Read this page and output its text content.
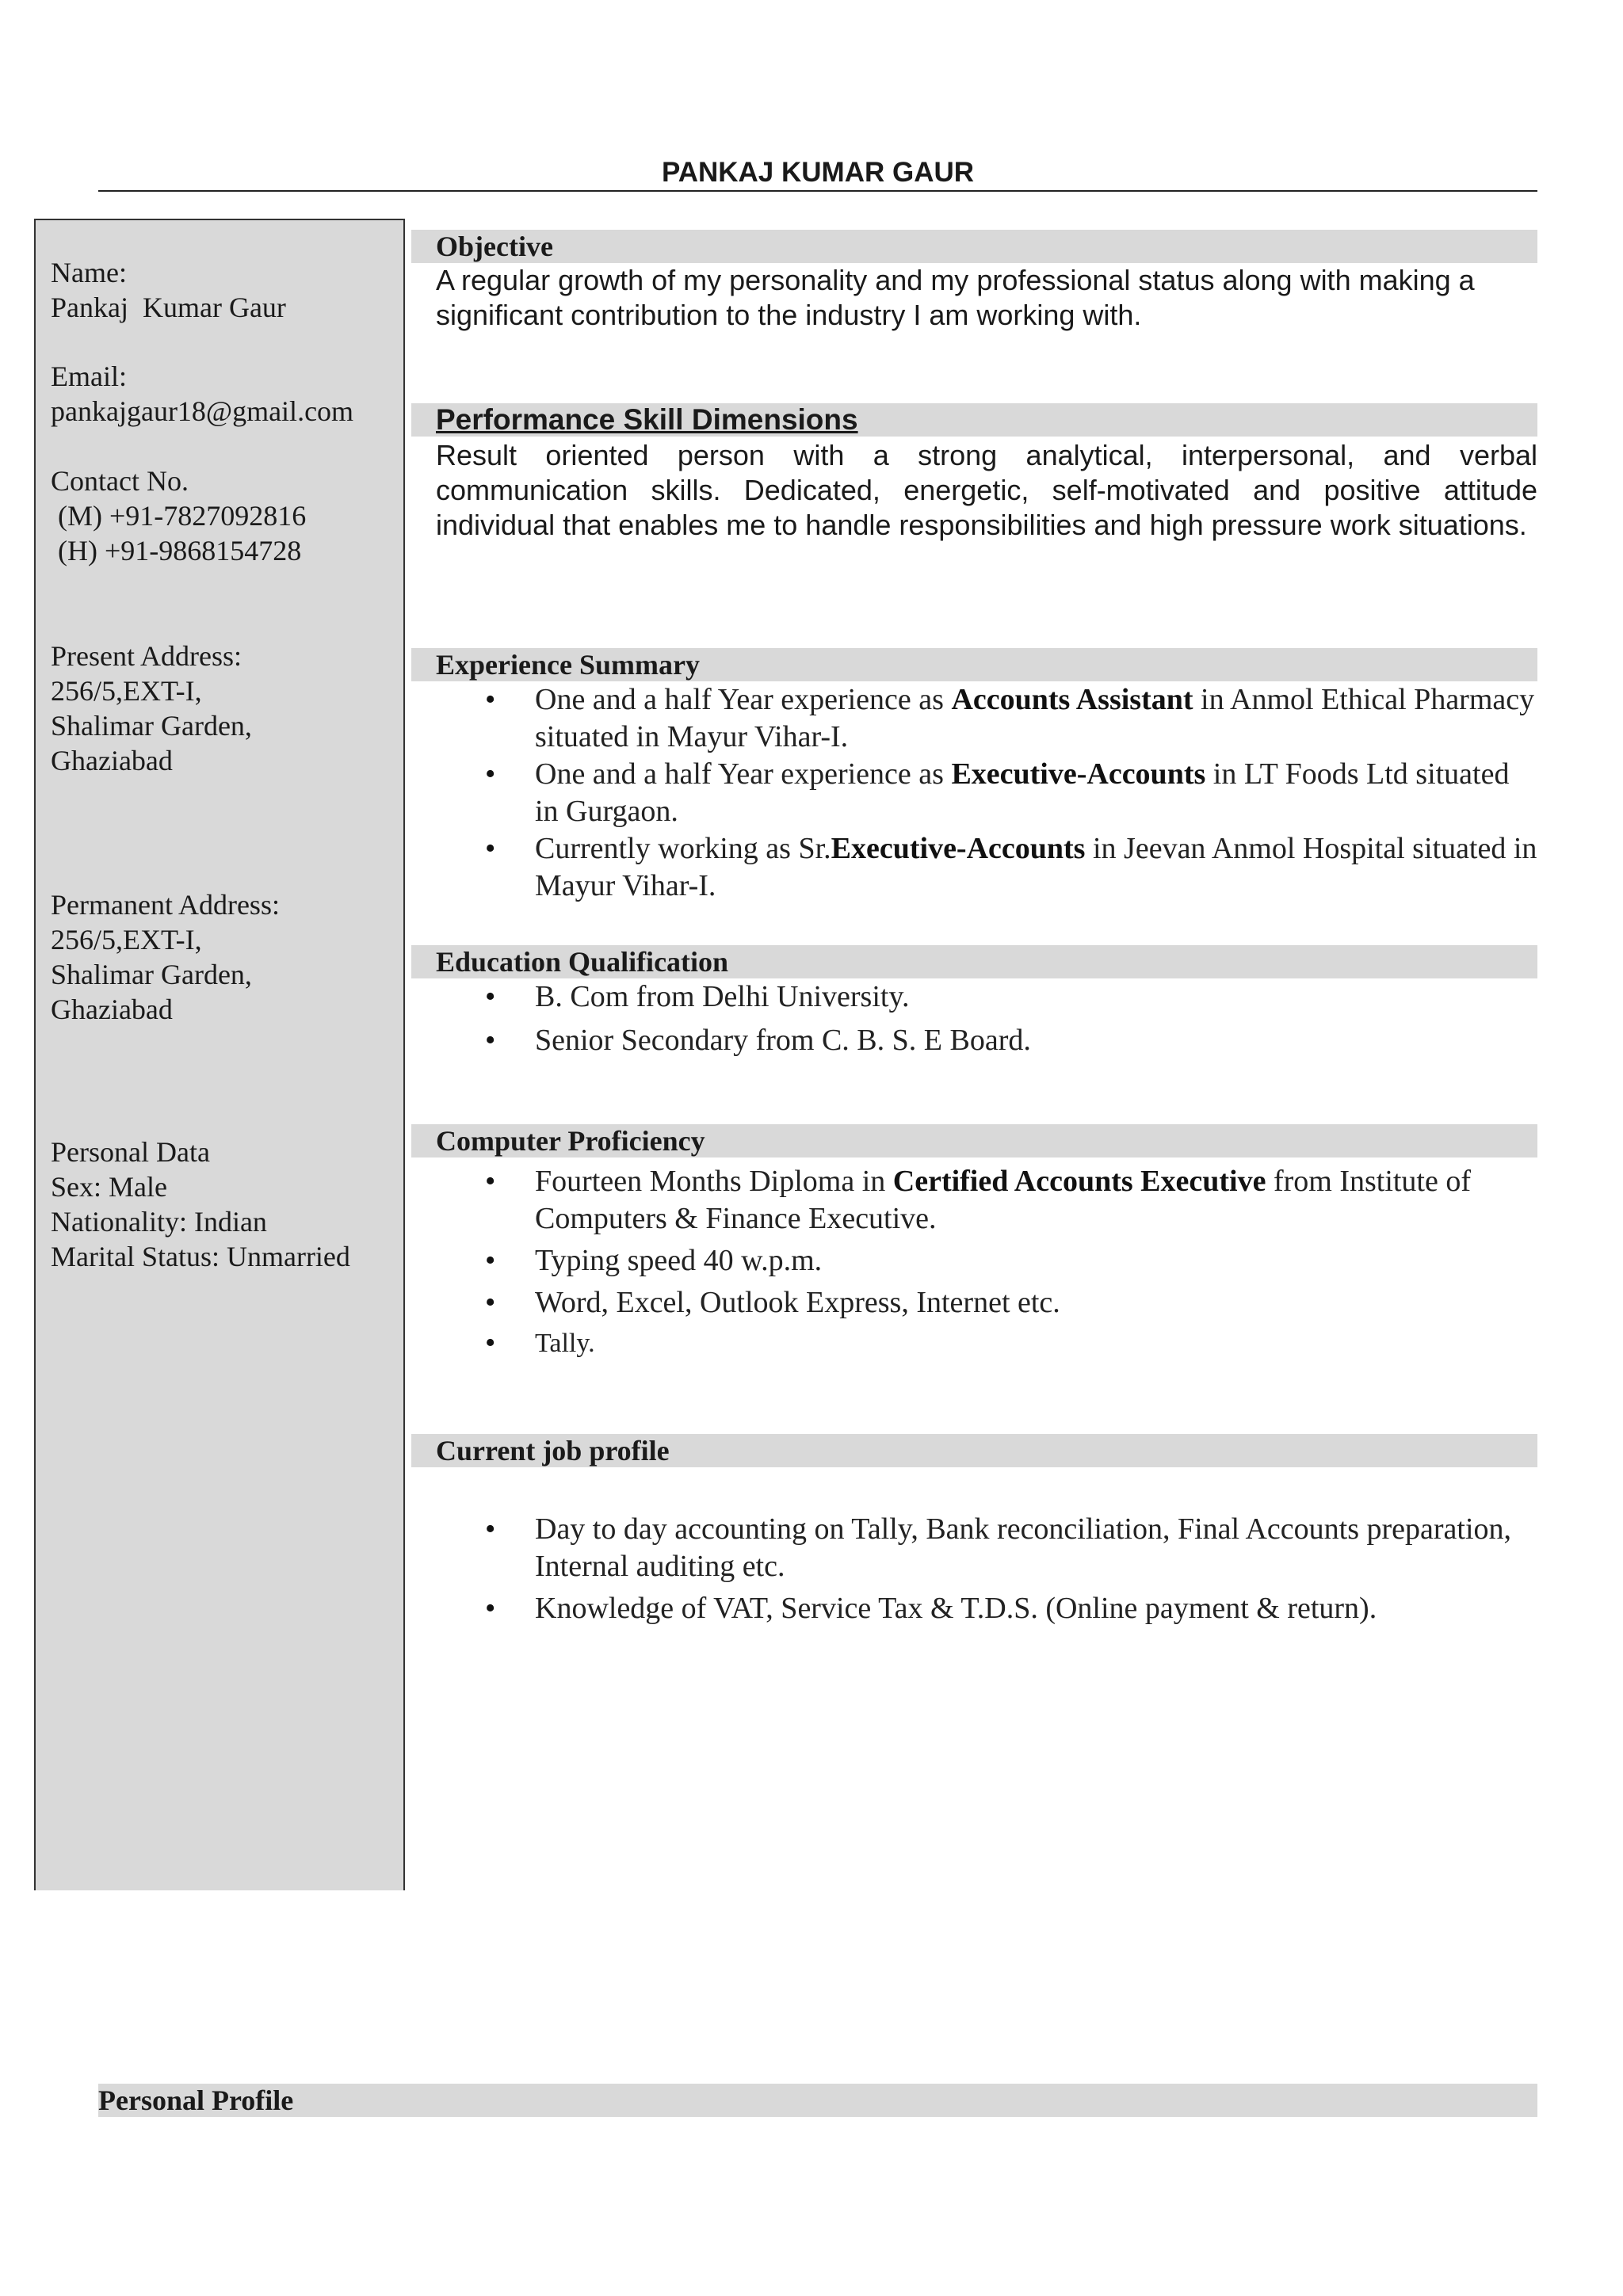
PANKAJ KUMAR GAUR
Name:
Pankaj  Kumar Gaur
Email:
pankajgaur18@gmail.com
Contact No.
(M) +91-7827092816
(H) +91-9868154728
Present Address:
256/5,EXT-I,
Shalimar Garden,
Ghaziabad
Permanent Address:
256/5,EXT-I,
Shalimar Garden,
Ghaziabad
Personal Data
Sex: Male
Nationality: Indian
Marital Status: Unmarried
Objective

A regular growth of my personality and my professional status along with making a significant contribution to the industry I am working with.

Performance Skill Dimensions

Result oriented person with a strong analytical, interpersonal, and verbal communication skills. Dedicated, energetic, self-motivated and positive attitude individual that enables me to handle responsibilities and high pressure work situations.

Experience Summary
• One and a half Year experience as Accounts Assistant in Anmol Ethical Pharmacy situated in Mayur Vihar-I.
• One and a half Year experience as Executive-Accounts in LT Foods Ltd situated in Gurgaon.
• Currently working as Sr.Executive-Accounts in Jeevan Anmol Hospital situated in Mayur Vihar-I.
Education Qualification
• B. Com from Delhi University.
• Senior Secondary from C. B. S. E Board.
Computer Proficiency
• Fourteen Months Diploma in Certified Accounts Executive from Institute of Computers & Finance Executive.
• Typing speed 40 w.p.m.
• Word, Excel, Outlook Express, Internet etc.
• Tally.
Current job profile
• Day to day accounting on Tally, Bank reconciliation, Final Accounts preparation, Internal auditing etc.
• Knowledge of VAT, Service Tax & T.D.S. (Online payment & return).
Personal Profile
